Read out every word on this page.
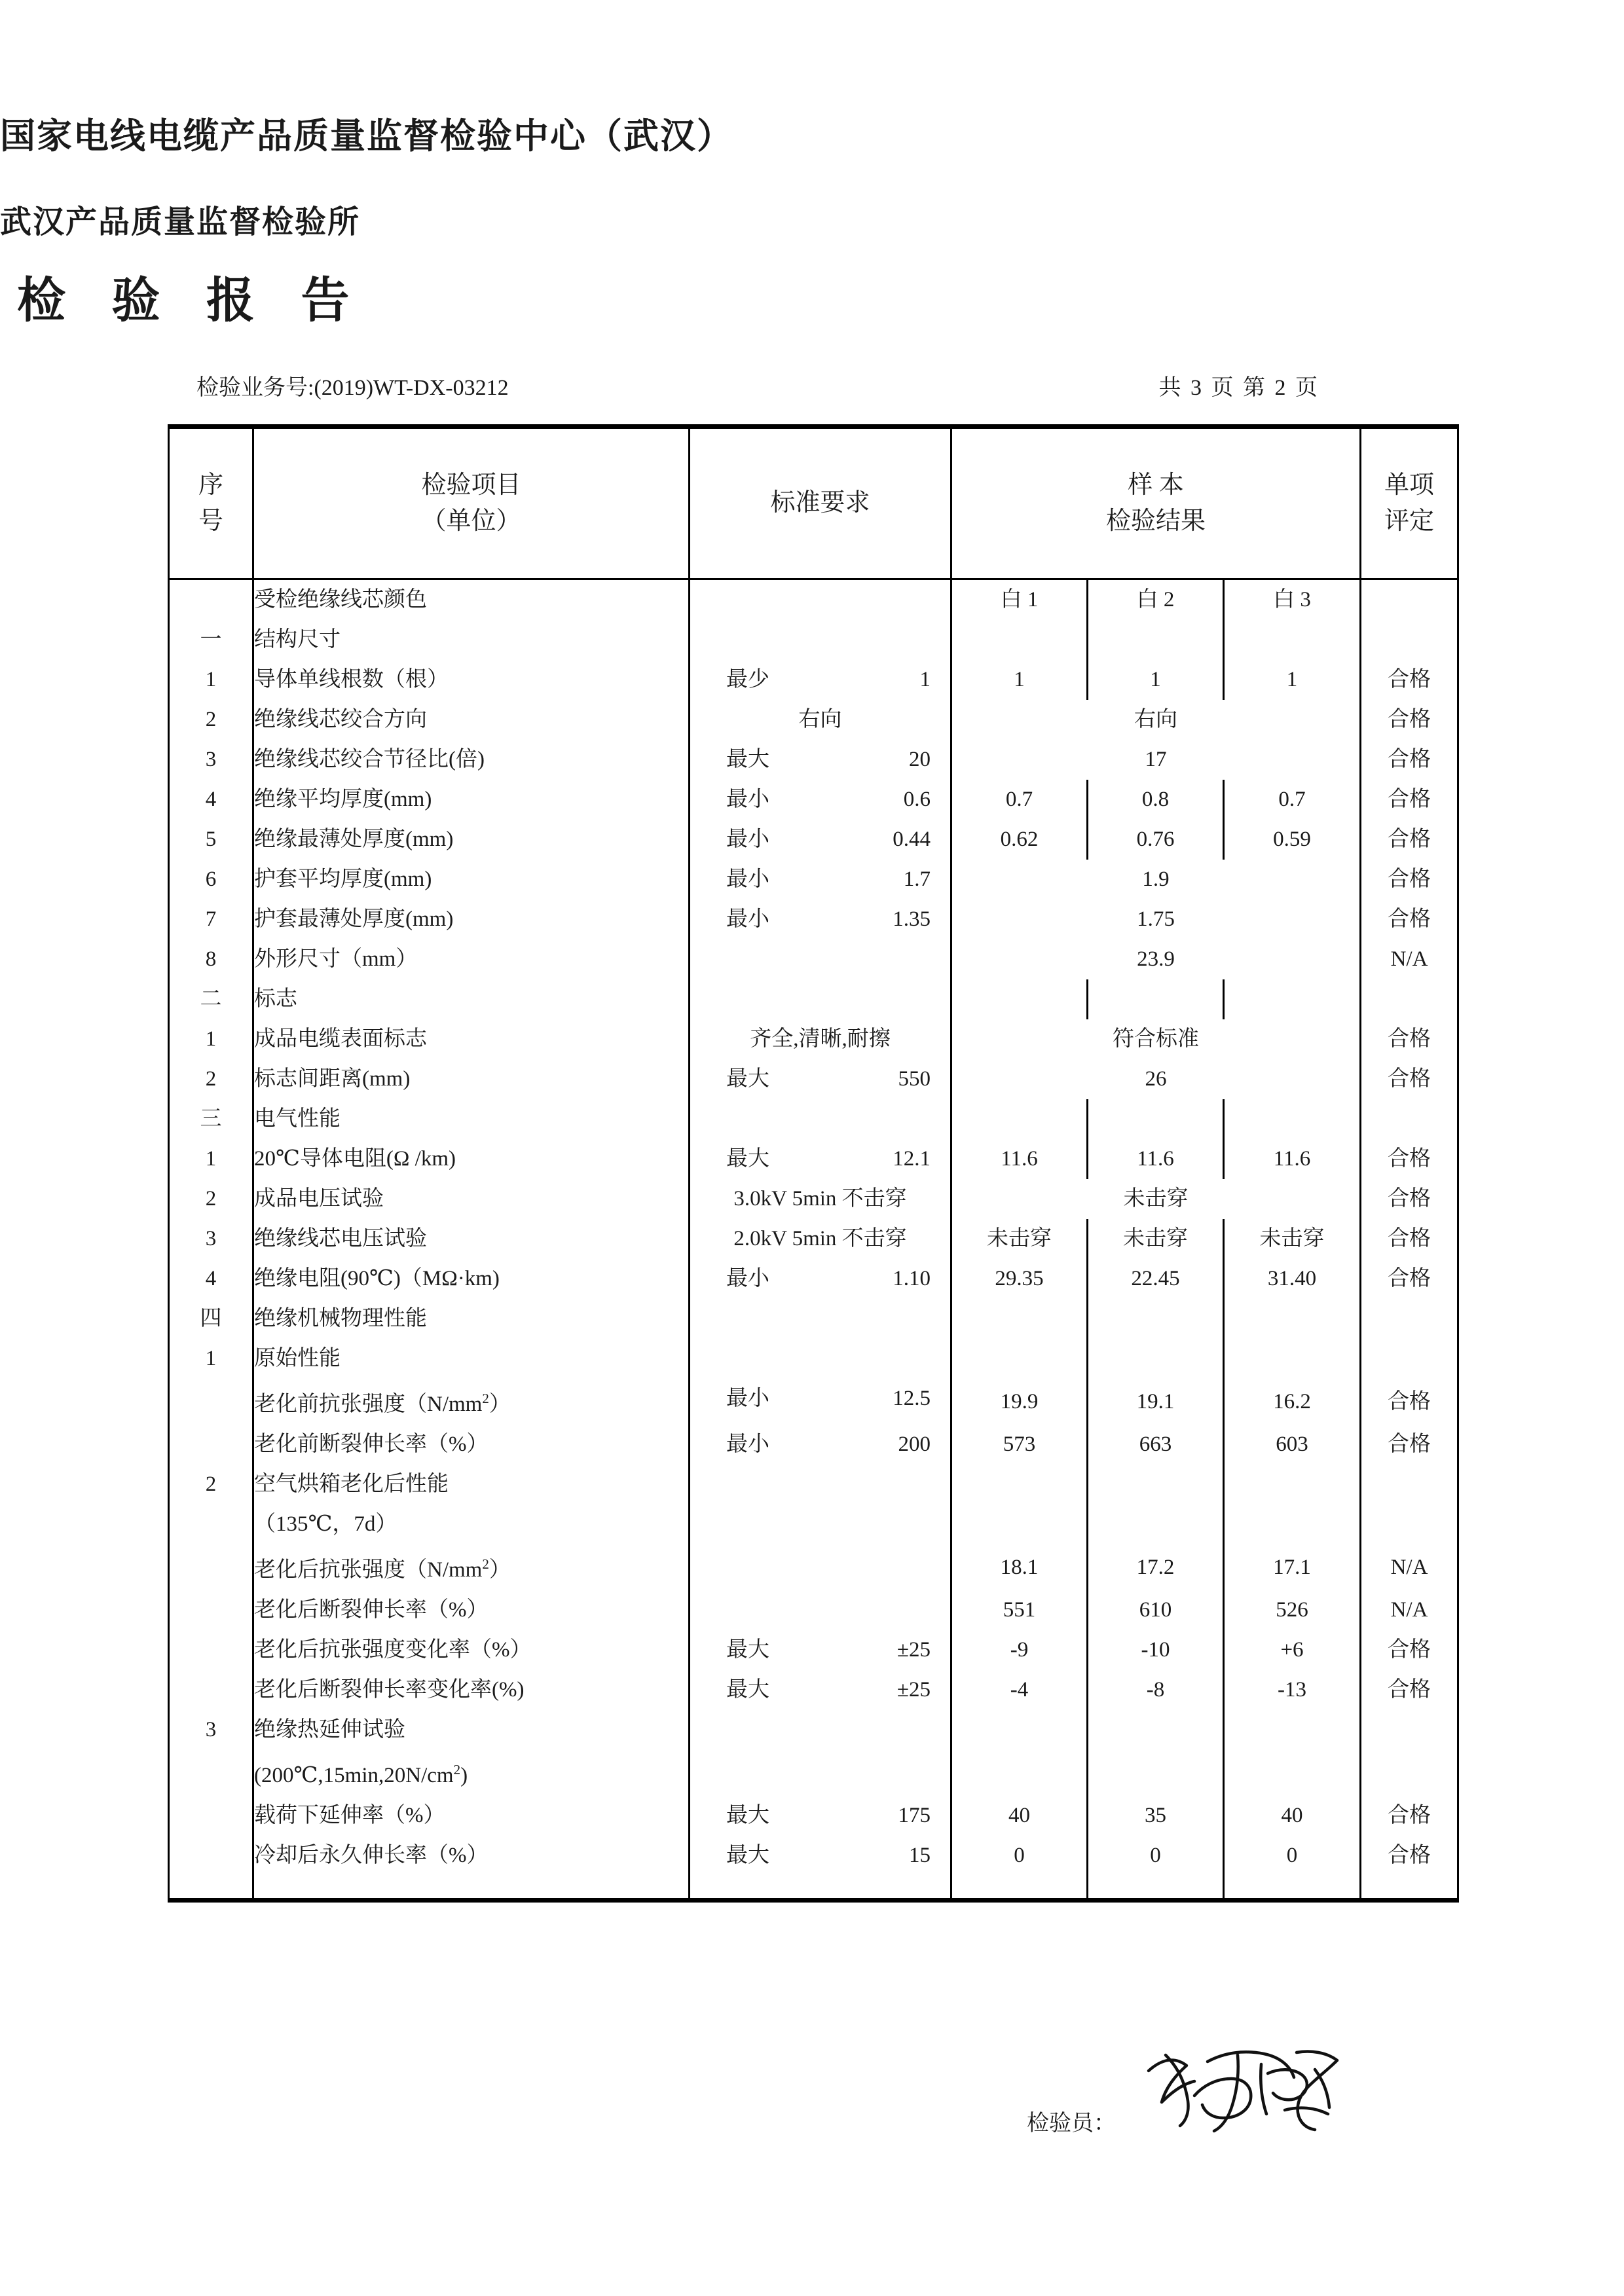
国家电线电缆产品质量监督检验中心（武汉）
武汉产品质量监督检验所
检 验 报 告
检验业务号:(2019)WT-DX-03212	共 3 页 第 2 页
序
号	检验项目
（单位）	标准要求	样 本
检验结果			单项
评定
	受检绝缘线芯颜色		白 1	白 2	白 3	
一	结构尺寸	

1	导体单线根数（根）	最少 1	1	1	1	合格
2	绝缘线芯绞合方向	右向	右向			合格
3	绝缘线芯绞合节径比(倍)	最大 20	17			合格
4	绝缘平均厚度(mm)	最小 0.6	0.7	0.8	0.7	合格
5	绝缘最薄处厚度(mm)	最小 0.44	0.62	0.76	0.59	合格
6	护套平均厚度(mm)	最小 1.7	1.9			合格
7	护套最薄处厚度(mm)	最小 1.35	1.75			合格
8	外形尺寸（mm）		23.9			N/A
二	标志	

1	成品电缆表面标志	齐全,清晰,耐擦	符合标准			合格
2	标志间距离(mm)	最大 550	26			合格
三	电气性能	

1	20℃导体电阻(Ω /km)	最大 12.1	11.6	11.6	11.6	合格
2	成品电压试验	3.0kV 5min 不击穿	未击穿			合格
3	绝缘线芯电压试验	2.0kV 5min 不击穿	未击穿	未击穿	未击穿	合格
4	绝缘电阻(90℃)（MΩ·km)	最小 1.10	29.35	22.45	31.40	合格
四	绝缘机械物理性能	

1	原始性能	

	老化前抗张强度$(N/mm^2)$	最小 12.5	19.9	19.1	16.2	合格
	老化前断裂伸长率（%）	最小 200	573	663	603	合格
2	空气烘箱老化后性能	

	（135℃，7d）	

	老化后抗张强度$(N/mm^2)$		18.1	17.2	17.1	N/A
	老化后断裂伸长率（%）		551	610	526	N/A
	老化后抗张强度变化率（%）	最大 ±25	-9	-10	+6	合格
	老化后断裂伸长率变化率(%)	最大 ±25	-4	-8	-13	合格
3	绝缘热延伸试验	

	$(200℃,15\min,20N/cm^2)$	

	载荷下延伸率（%）	最大 175	40	35	40	合格
	冷却后永久伸长率（%）	最大 15	0	0	0	合格

检验员：
